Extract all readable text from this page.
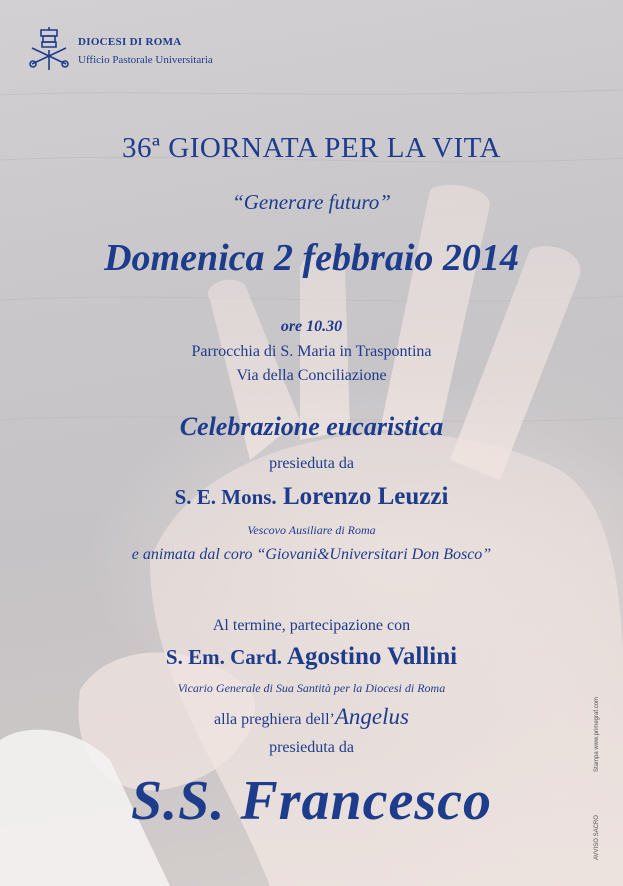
DIOCESI DI ROMA
Ufficio Pastorale Universitaria
36ª GIORNATA PER LA VITA
“Generare futuro”
Domenica 2 febbraio 2014
ore 10.30
Parrocchia di S. Maria in Traspontina
Via della Conciliazione
Celebrazione eucaristica
presieduta da
S. E. Mons. Lorenzo Leuzzi
Vescovo Ausiliare di Roma
e animata dal coro “Giovani&Universitari Don Bosco”
Al termine, partecipazione con
S. Em. Card. Agostino Vallini
Vicario Generale di Sua Santità per la Diocesi di Roma
alla preghiera dell’Angelus
presieduta da
S.S. Francesco
Stampa www.primegraf.com
AVVISO SACRO
